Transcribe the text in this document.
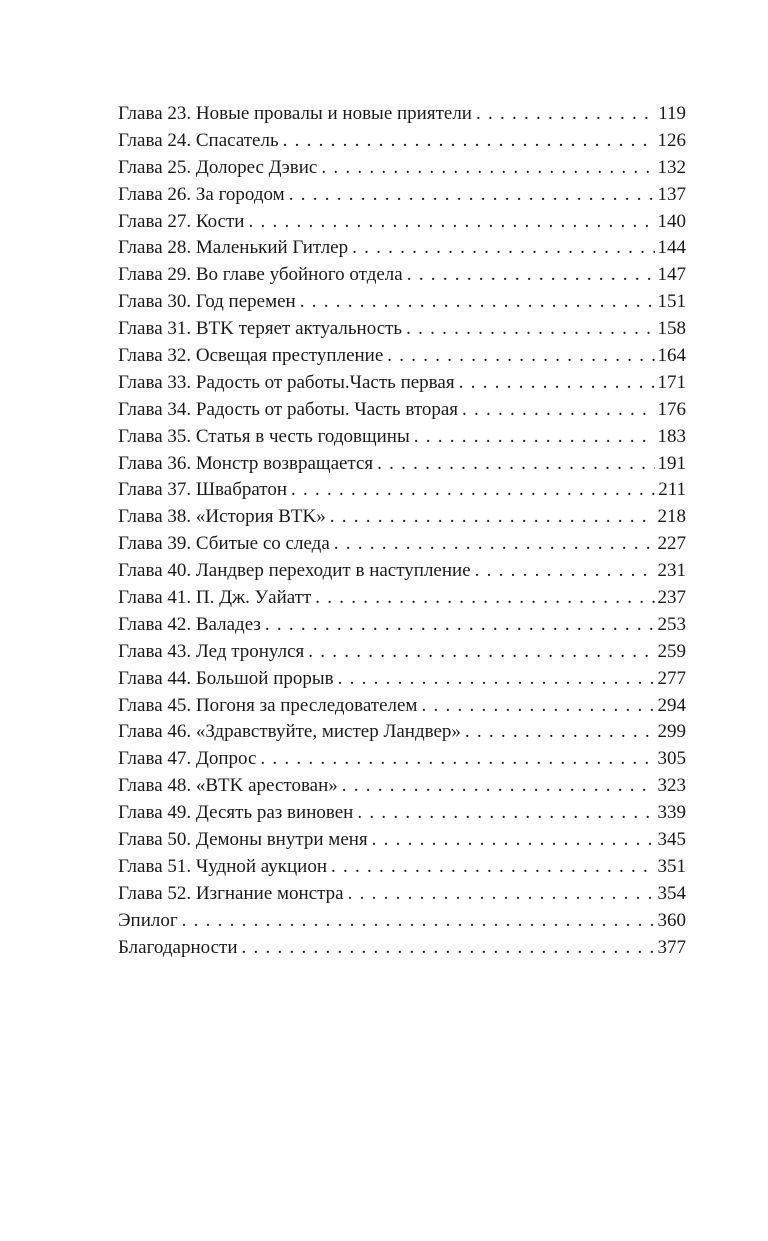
Глава 23. Новые провалы и новые приятели . . .	119
Глава 24. Спасатель . . .	126
Глава 25. Долорес Дэвис . . .	132
Глава 26. За городом . . .	137
Глава 27. Кости . . .	140
Глава 28. Маленький Гитлер . . .	144
Глава 29. Во главе убойного отдела . . .	147
Глава 30. Год перемен . . .	151
Глава 31. BTK теряет актуальность . . .	158
Глава 32. Освещая преступление . . .	164
Глава 33. Радость от работы.Часть первая . . .	171
Глава 34. Радость от работы. Часть вторая . . .	176
Глава 35. Статья в честь годовщины . . .	183
Глава 36. Монстр возвращается . . .	191
Глава 37. Швабратон . . .	211
Глава 38. «История BTK» . . .	218
Глава 39. Сбитые со следа . . .	227
Глава 40. Ландвер переходит в наступление . . .	231
Глава 41. П. Дж. Уайатт . . .	237
Глава 42. Валадез . . .	253
Глава 43. Лед тронулся . . .	259
Глава 44. Большой прорыв . . .	277
Глава 45. Погоня за преследователем . . .	294
Глава 46. «Здравствуйте, мистер Ландвер» . . .	299
Глава 47. Допрос . . .	305
Глава 48. «BTK арестован» . . .	323
Глава 49. Десять раз виновен . . .	339
Глава 50. Демоны внутри меня . . .	345
Глава 51. Чудной аукцион . . .	351
Глава 52. Изгнание монстра . . .	354
Эпилог . . .	360
Благодарности . . .	377
